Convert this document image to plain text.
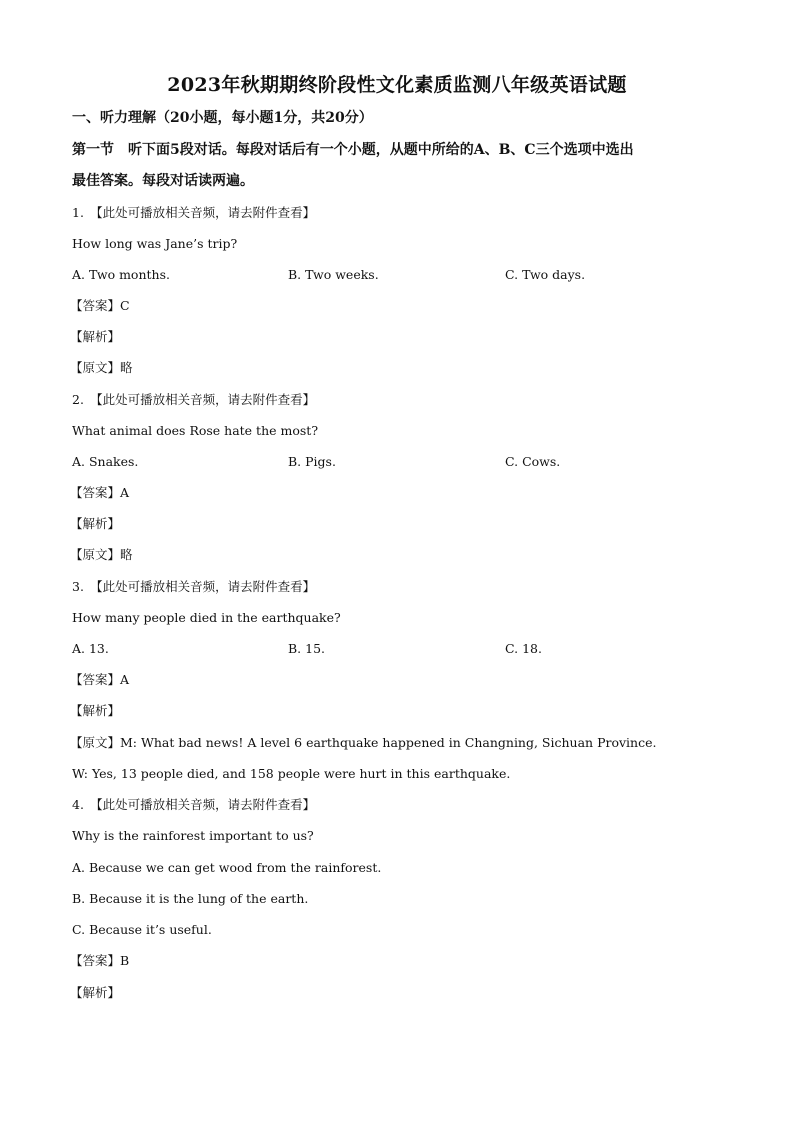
2023年秋期期终阶段性文化素质监测八年级英语试题
一、听力理解（20小题，每小题1分，共20分）
第一节　听下面5段对话。每段对话后有一个小题，从题中所给的A、B、C三个选项中选出
最佳答案。每段对话读两遍。
1.　【此处可播放相关音频，请去附件查看】
How long was Jane’s trip?
A. Two months.	B. Two weeks.	C. Two days.
【答案】C
【解析】
【原文】略
2.　【此处可播放相关音频，请去附件查看】
What animal does Rose hate the most?
A. Snakes.	B. Pigs.	C. Cows.
【答案】A
【解析】
【原文】略
3.　【此处可播放相关音频，请去附件查看】
How many people died in the earthquake?
A. 13.	B. 15.	C. 18.
【答案】A
【解析】
【原文】M: What bad news! A level 6 earthquake happened in Changning, Sichuan Province.
W: Yes, 13 people died, and 158 people were hurt in this earthquake.
4.　【此处可播放相关音频，请去附件查看】
Why is the rainforest important to us?
A. Because we can get wood from the rainforest.
B. Because it is the lung of the earth.
C. Because it’s useful.
【答案】B
【解析】
